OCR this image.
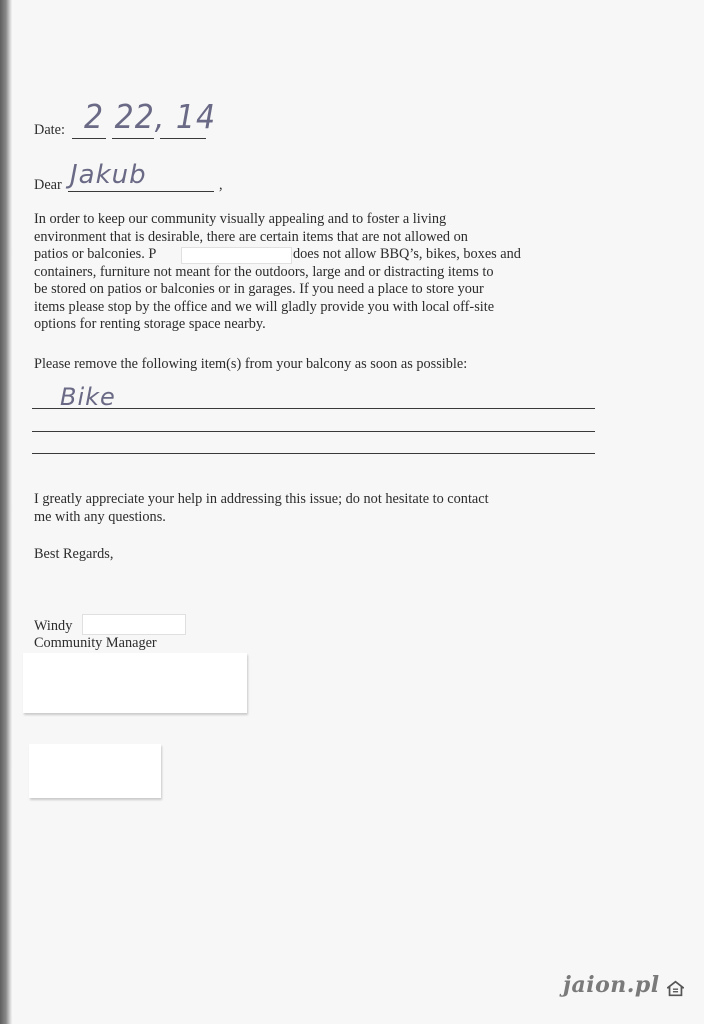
Date: 2 22, 14
Dear Jakub	,
In order to keep our community visually appealing and to foster a living
environment that is desirable, there are certain items that are not allowed on
patios or balconies. P	does not allow BBQ’s, bikes, boxes and
containers, furniture not meant for the outdoors, large and or distracting items to
be stored on patios or balconies or in garages. If you need a place to store your
items please stop by the office and we will gladly provide you with local off-site
options for renting storage space nearby.
Please remove the following item(s) from your balcony as soon as possible:
Bike
I greatly appreciate your help in addressing this issue; do not hesitate to contact
me with any questions.
Best Regards,
Windy
Community Manager
jaion.pl
